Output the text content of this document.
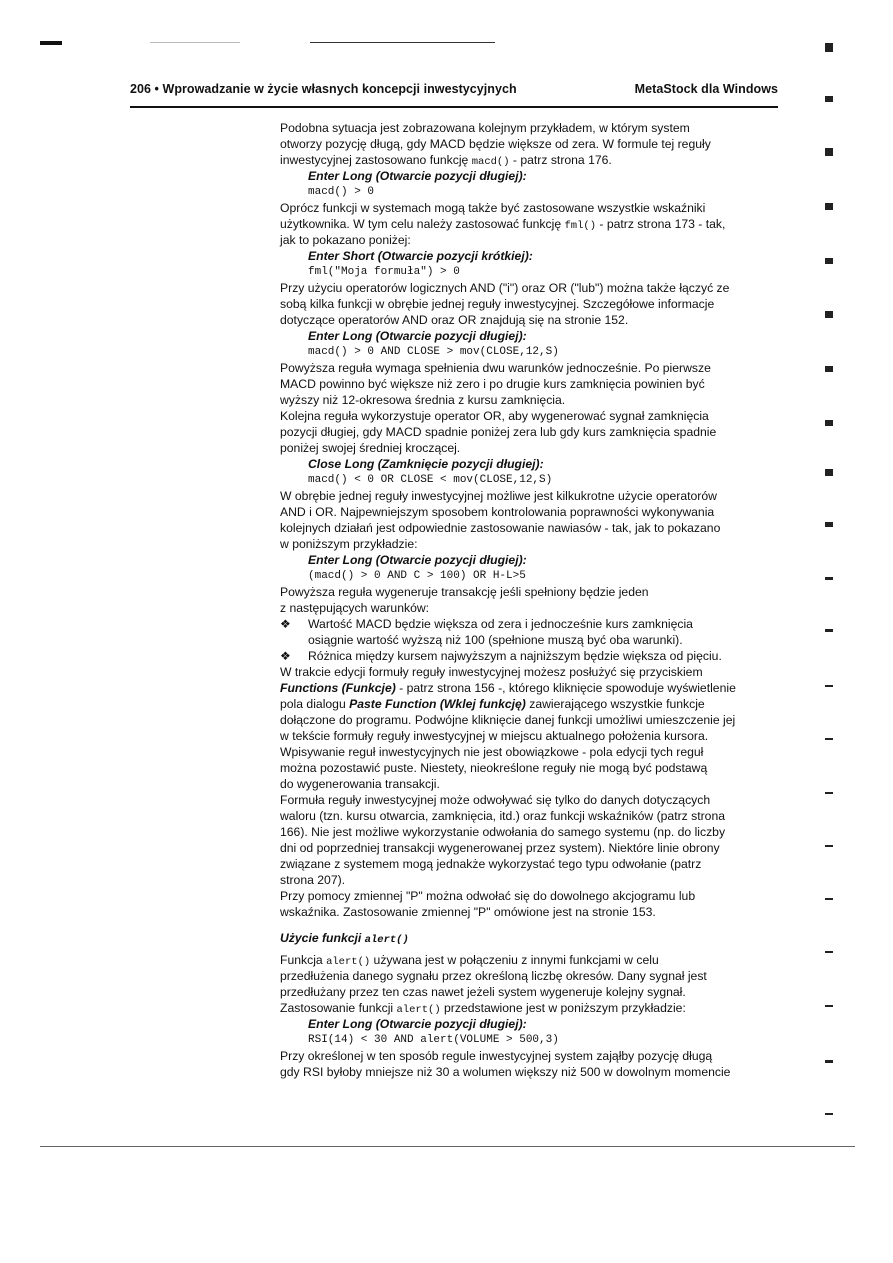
206 • Wprowadzanie w życie własnych koncepcji inwestycyjnych	MetaStock dla Windows
Podobna sytuacja jest zobrazowana kolejnym przykładem, w którym system
otworzy pozycję długą, gdy MACD będzie większe od zera. W formule tej reguły
inwestycyjnej zastosowano funkcję macd() - patrz strona 176.
Enter Long (Otwarcie pozycji długiej):
macd() > 0
Oprócz funkcji w systemach mogą także być zastosowane wszystkie wskaźniki
użytkownika. W tym celu należy zastosować funkcję fml() - patrz strona 173 - tak,
jak to pokazano poniżej:
Enter Short (Otwarcie pozycji krótkiej):
fml("Moja formuła") > 0
Przy użyciu operatorów logicznych AND ("i") oraz OR ("lub") można także łączyć ze
sobą kilka funkcji w obrębie jednej reguły inwestycyjnej. Szczegółowe informacje
dotyczące operatorów AND oraz OR znajdują się na stronie 152.
Enter Long (Otwarcie pozycji długiej):
macd() > 0 AND CLOSE > mov(CLOSE,12,S)
Powyższa reguła wymaga spełnienia dwu warunków jednocześnie. Po pierwsze
MACD powinno być większe niż zero i po drugie kurs zamknięcia powinien być
wyższy niż 12-okresowa średnia z kursu zamknięcia.
Kolejna reguła wykorzystuje operator OR, aby wygenerować sygnał zamknięcia
pozycji długiej, gdy MACD spadnie poniżej zera lub gdy kurs zamknięcia spadnie
poniżej swojej średniej kroczącej.
Close Long (Zamknięcie pozycji długiej):
macd() < 0 OR CLOSE < mov(CLOSE,12,S)
W obrębie jednej reguły inwestycyjnej możliwe jest kilkukrotne użycie operatorów
AND i OR. Najpewniejszym sposobem kontrolowania poprawności wykonywania
kolejnych działań jest odpowiednie zastosowanie nawiasów - tak, jak to pokazano
w poniższym przykładzie:
Enter Long (Otwarcie pozycji długiej):
(macd() > 0 AND C > 100) OR H-L>5
Powyższa reguła wygeneruje transakcję jeśli spełniony będzie jeden
z następujących warunków:
❖ Wartość MACD będzie większa od zera i jednocześnie kurs zamknięcia
osiągnie wartość wyższą niż 100 (spełnione muszą być oba warunki).
❖ Różnica między kursem najwyższym a najniższym będzie większa od pięciu.
W trakcie edycji formuły reguły inwestycyjnej możesz posłużyć się przyciskiem
Functions (Funkcje) - patrz strona 156 -, którego kliknięcie spowoduje wyświetlenie
pola dialogu Paste Function (Wklej funkcję) zawierającego wszystkie funkcje
dołączone do programu. Podwójne kliknięcie danej funkcji umożliwi umieszczenie jej
w tekście formuły reguły inwestycyjnej w miejscu aktualnego położenia kursora.
Wpisywanie reguł inwestycyjnych nie jest obowiązkowe - pola edycji tych reguł
można pozostawić puste. Niestety, nieokreślone reguły nie mogą być podstawą
do wygenerowania transakcji.
Formuła reguły inwestycyjnej może odwoływać się tylko do danych dotyczących
waloru (tzn. kursu otwarcia, zamknięcia, itd.) oraz funkcji wskaźników (patrz strona
166). Nie jest możliwe wykorzystanie odwołania do samego systemu (np. do liczby
dni od poprzedniej transakcji wygenerowanej przez system). Niektóre linie obrony
związane z systemem mogą jednakże wykorzystać tego typu odwołanie (patrz
strona 207).
Przy pomocy zmiennej "P" można odwołać się do dowolnego akcjogramu lub
wskaźnika. Zastosowanie zmiennej "P" omówione jest na stronie 153.
Użycie funkcji alert()
Funkcja alert() używana jest w połączeniu z innymi funkcjami w celu
przedłużenia danego sygnału przez określoną liczbę okresów. Dany sygnał jest
przedłużany przez ten czas nawet jeżeli system wygeneruje kolejny sygnał.
Zastosowanie funkcji alert() przedstawione jest w poniższym przykładzie:
Enter Long (Otwarcie pozycji długiej):
RSI(14) < 30 AND alert(VOLUME > 500,3)
Przy określonej w ten sposób regule inwestycyjnej system zająłby pozycję długą
gdy RSI byłoby mniejsze niż 30 a wolumen większy niż 500 w dowolnym momencie
